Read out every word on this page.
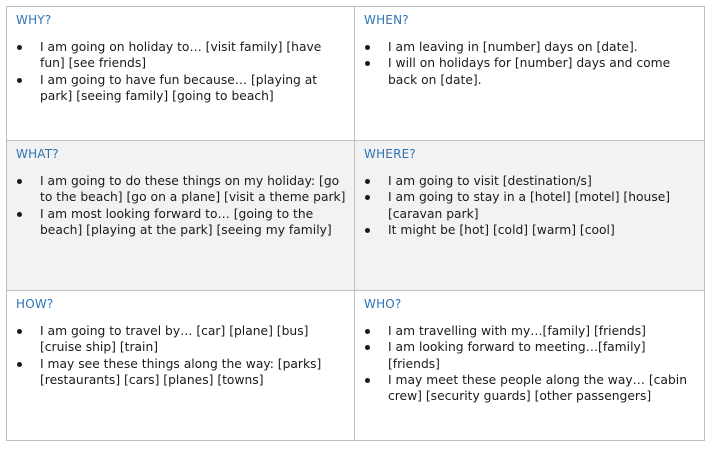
WHY?
I am going on holiday to… [visit family] [have fun] [see friends]
I am going to have fun because… [playing at park] [seeing family] [going to beach]
WHEN?
I am leaving in [number] days on [date].
I will on holidays for [number] days and come back on [date].
WHAT?
I am going to do these things on my holiday: [go to the beach] [go on a plane] [visit a theme park]
I am most looking forward to… [going to the beach] [playing at the park] [seeing my family]
WHERE?
I am going to visit [destination/s]
I am going to stay in a [hotel] [motel] [house] [caravan park]
It might be [hot] [cold] [warm] [cool]
HOW?
I am going to travel by… [car] [plane] [bus] [cruise ship] [train]
I may see these things along the way: [parks] [restaurants] [cars] [planes] [towns]
WHO?
I am travelling with my…[family] [friends]
I am looking forward to meeting…[family] [friends]
I may meet these people along the way… [cabin crew] [security guards] [other passengers]
